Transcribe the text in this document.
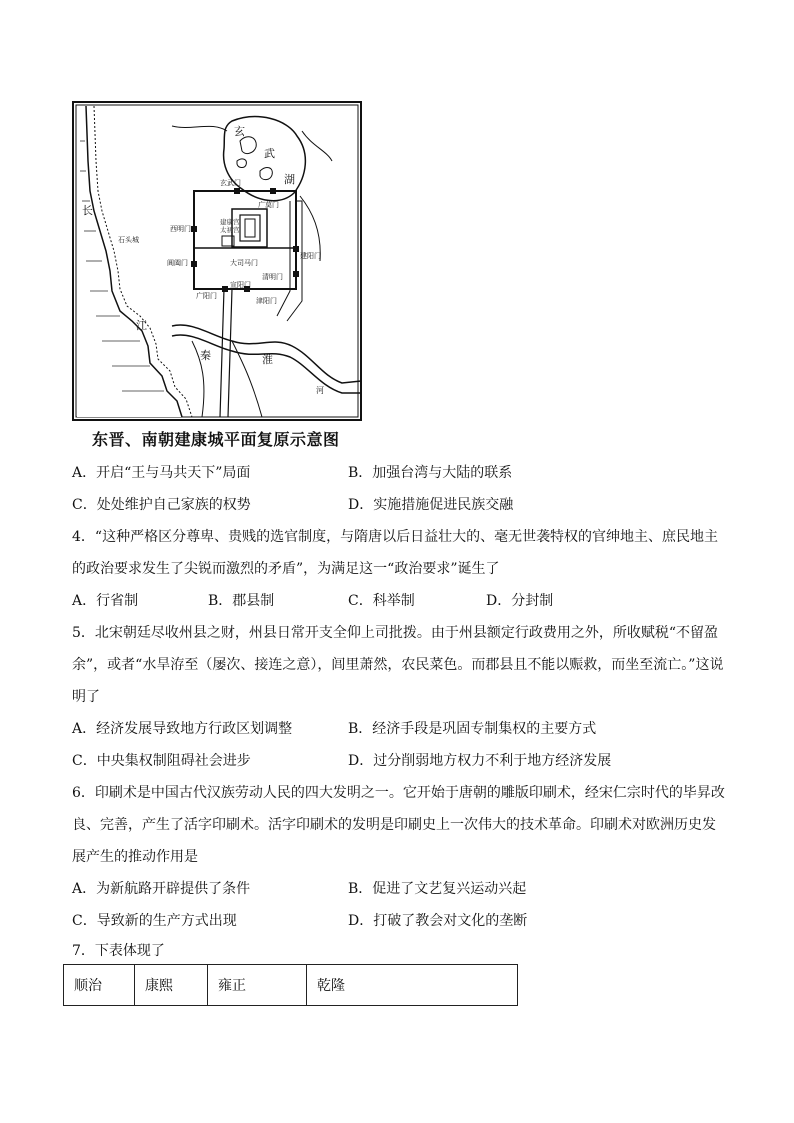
玄
武
湖
长
江
石头城
玄武门
广莫门
建康宫
太初宫
西明门
建阳门
阊阖门	大司马门
清明门
广阳门
宣阳门
津阳门
秦	淮
河
东晋、南朝建康城平面复原示意图
A．开启“王与马共天下”局面	B．加强台湾与大陆的联系
C．处处维护自己家族的权势	D．实施措施促进民族交融
4．“这种严格区分尊卑、贵贱的选官制度，与隋唐以后日益壮大的、毫无世袭特权的官绅地主、庶民地主
的政治要求发生了尖锐而激烈的矛盾”，为满足这一“政治要求”诞生了
A．行省制	B．郡县制	C．科举制	D．分封制
5．北宋朝廷尽收州县之财，州县日常开支全仰上司批拨。由于州县额定行政费用之外，所收赋税“不留盈
余”，或者“水旱洊至（屡次、接连之意），闾里萧然，农民菜色。而郡县且不能以赈救，而坐至流亡。”这说
明了
A．经济发展导致地方行政区划调整	B．经济手段是巩固专制集权的主要方式
C．中央集权制阻碍社会进步	D．过分削弱地方权力不利于地方经济发展
6．印刷术是中国古代汉族劳动人民的四大发明之一。它开始于唐朝的雕版印刷术，经宋仁宗时代的毕昇改
良、完善，产生了活字印刷术。活字印刷术的发明是印刷史上一次伟大的技术革命。印刷术对欧洲历史发
展产生的推动作用是
A．为新航路开辟提供了条件	B．促进了文艺复兴运动兴起
C．导致新的生产方式出现	D．打破了教会对文化的垄断
7．下表体现了
顺治	康熙	雍正	乾隆
